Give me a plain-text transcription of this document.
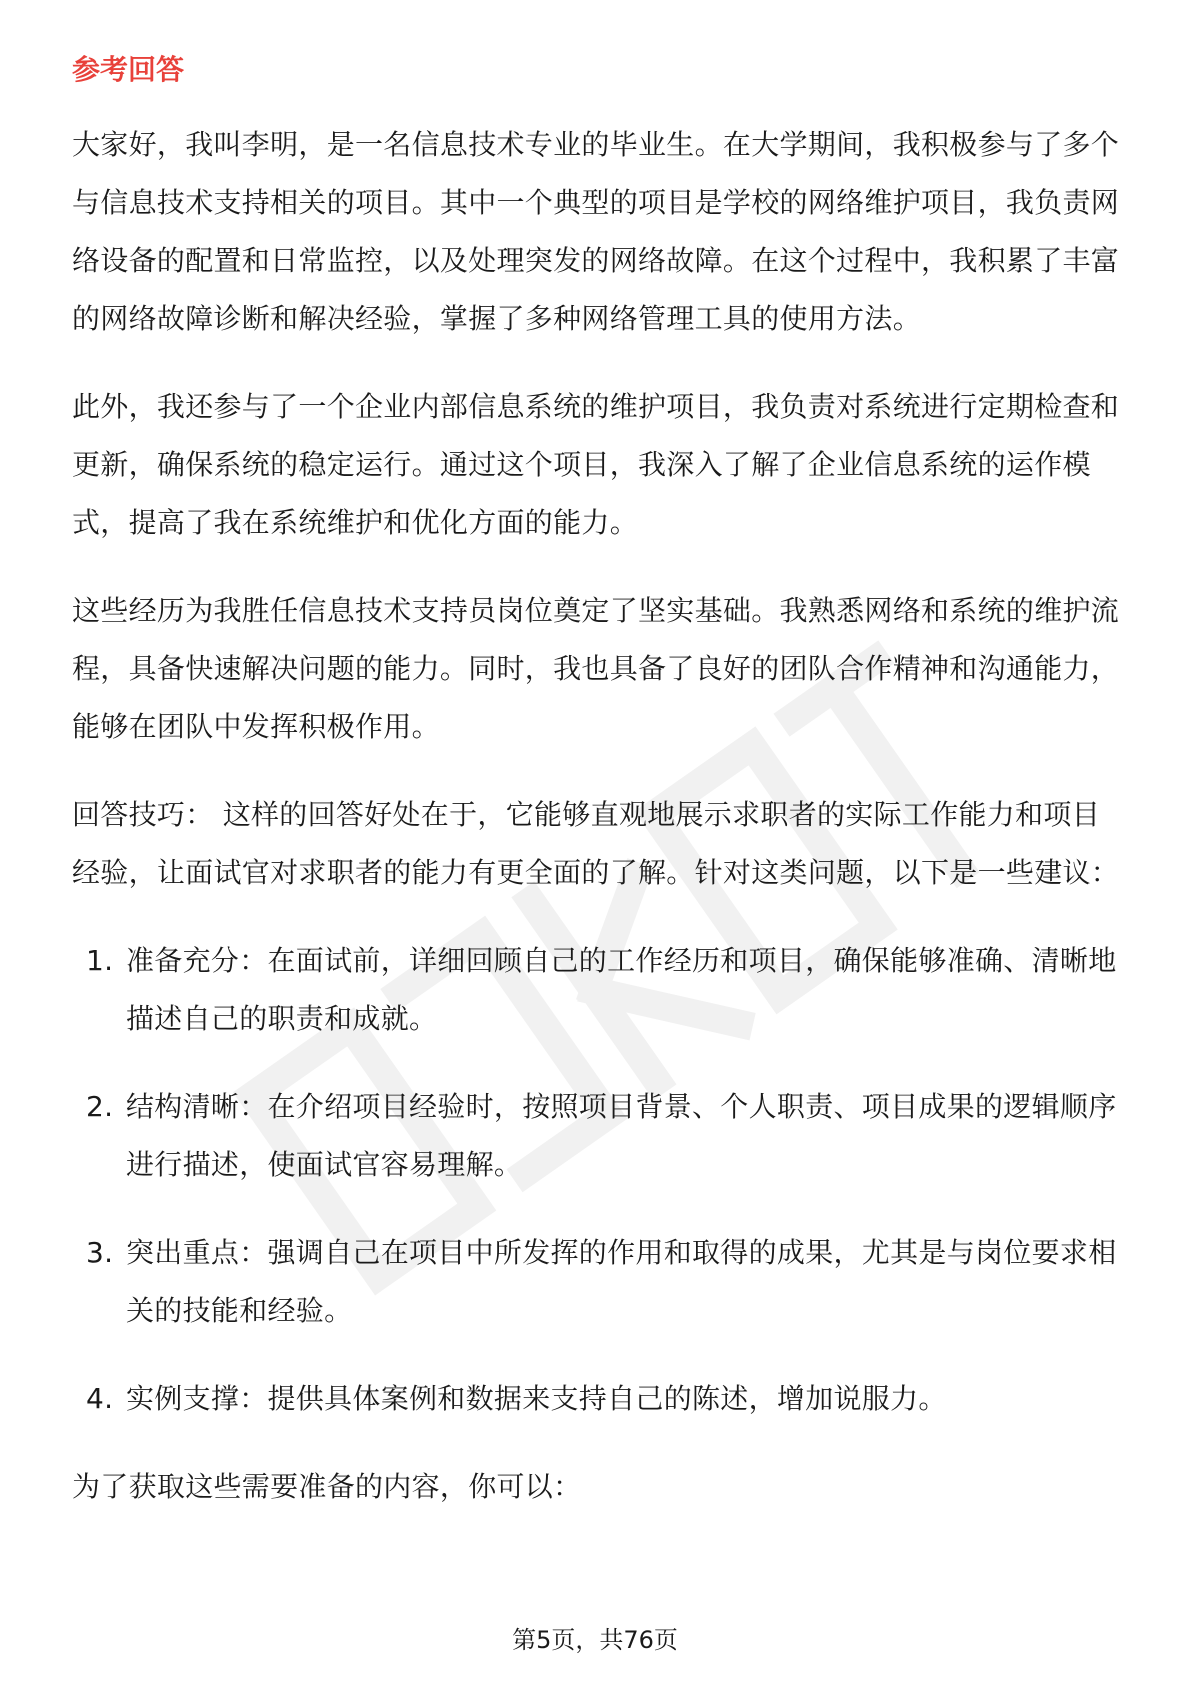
参考回答

大家好，我叫李明，是一名信息技术专业的毕业生。在大学期间，我积极参与了多个与信息技术支持相关的项目。其中一个典型的项目是学校的网络维护项目，我负责网络设备的配置和日常监控，以及处理突发的网络故障。在这个过程中，我积累了丰富的网络故障诊断和解决经验，掌握了多种网络管理工具的使用方法。

此外，我还参与了一个企业内部信息系统的维护项目，我负责对系统进行定期检查和更新，确保系统的稳定运行。通过这个项目，我深入了解了企业信息系统的运作模式，提高了我在系统维护和优化方面的能力。

这些经历为我胜任信息技术支持员岗位奠定了坚实基础。我熟悉网络和系统的维护流程，具备快速解决问题的能力。同时，我也具备了良好的团队合作精神和沟通能力，能够在团队中发挥积极作用。

回答技巧： 这样的回答好处在于，它能够直观地展示求职者的实际工作能力和项目经验，让面试官对求职者的能力有更全面的了解。针对这类问题，以下是一些建议：

1. 准备充分：在面试前，详细回顾自己的工作经历和项目，确保能够准确、清晰地描述自己的职责和成就。
2. 结构清晰：在介绍项目经验时，按照项目背景、个人职责、项目成果的逻辑顺序进行描述，使面试官容易理解。
3. 突出重点：强调自己在项目中所发挥的作用和取得的成果，尤其是与岗位要求相关的技能和经验。
4. 实例支撑：提供具体案例和数据来支持自己的陈述，增加说服力。

为了获取这些需要准备的内容，你可以：

第5页，共76页
